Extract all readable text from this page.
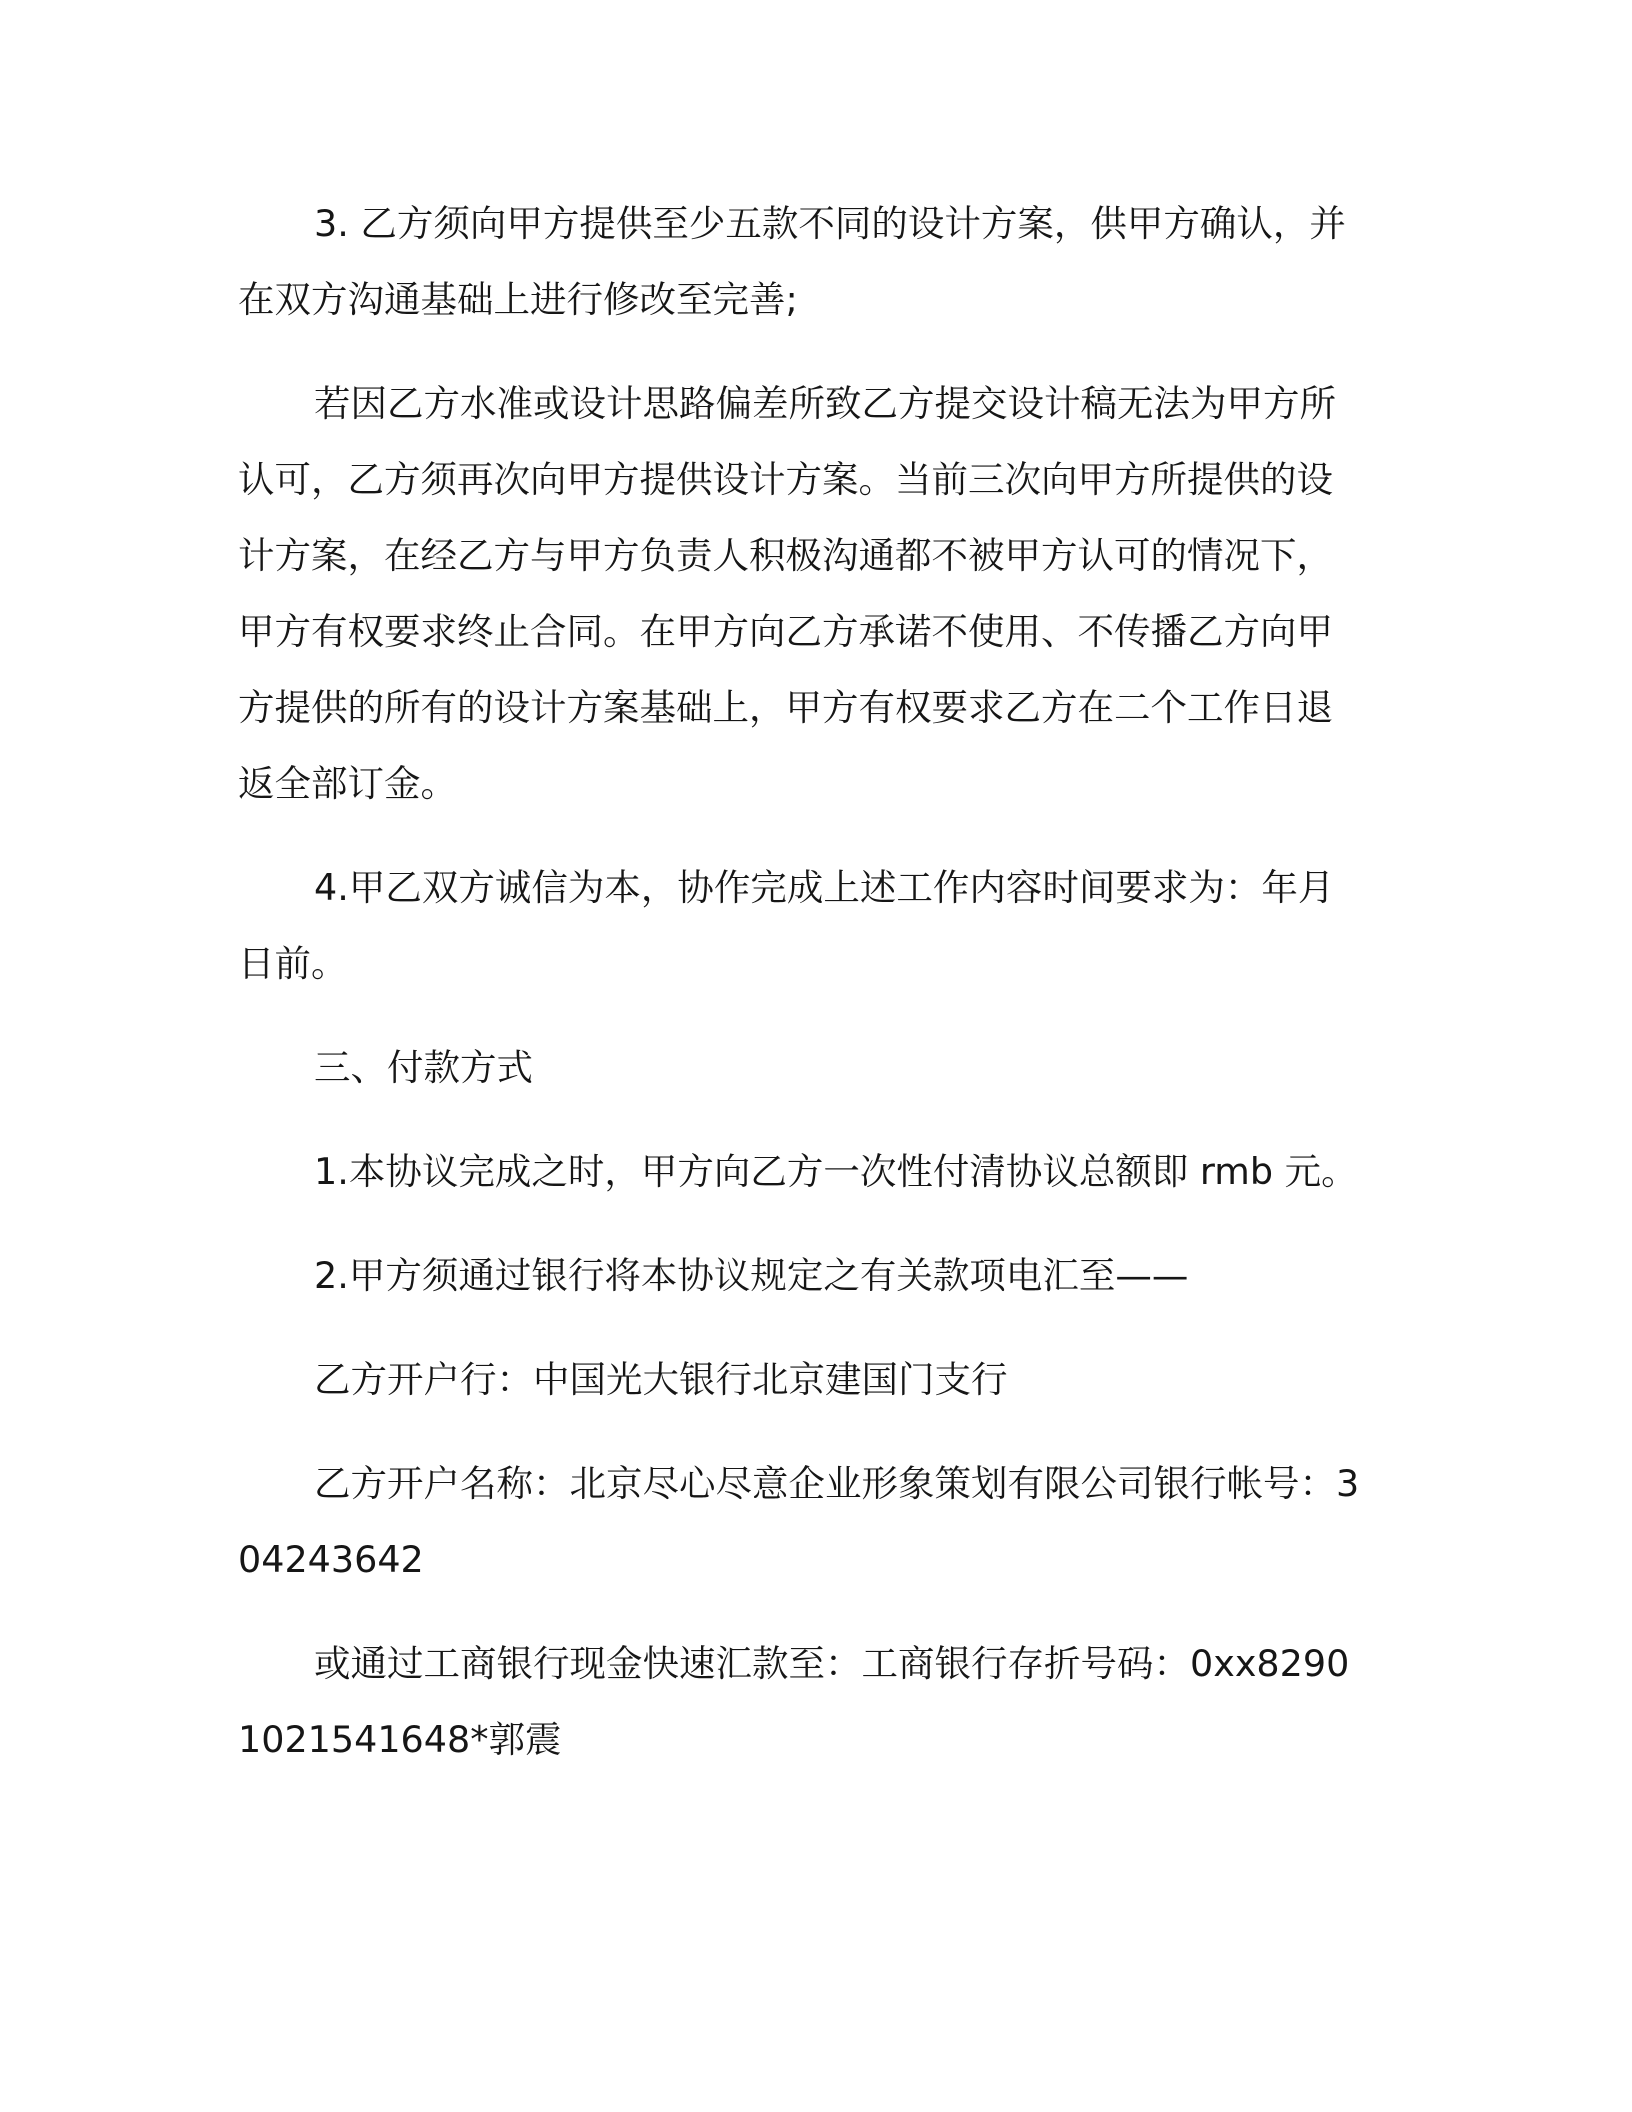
3. 乙方须向甲方提供至少五款不同的设计方案，供甲方确认，并在双方沟通基础上进行修改至完善;

若因乙方水准或设计思路偏差所致乙方提交设计稿无法为甲方所认可，乙方须再次向甲方提供设计方案。当前三次向甲方所提供的设计方案，在经乙方与甲方负责人积极沟通都不被甲方认可的情况下，甲方有权要求终止合同。在甲方向乙方承诺不使用、不传播乙方向甲方提供的所有的设计方案基础上，甲方有权要求乙方在二个工作日退返全部订金。

4.甲乙双方诚信为本，协作完成上述工作内容时间要求为：年月日前。

三、付款方式

1.本协议完成之时，甲方向乙方一次性付清协议总额即 rmb 元。

2.甲方须通过银行将本协议规定之有关款项电汇至——

乙方开户行：中国光大银行北京建国门支行

乙方开户名称：北京尽心尽意企业形象策划有限公司银行帐号：304243642

或通过工商银行现金快速汇款至：工商银行存折号码：0xx82901021541648*郭震
